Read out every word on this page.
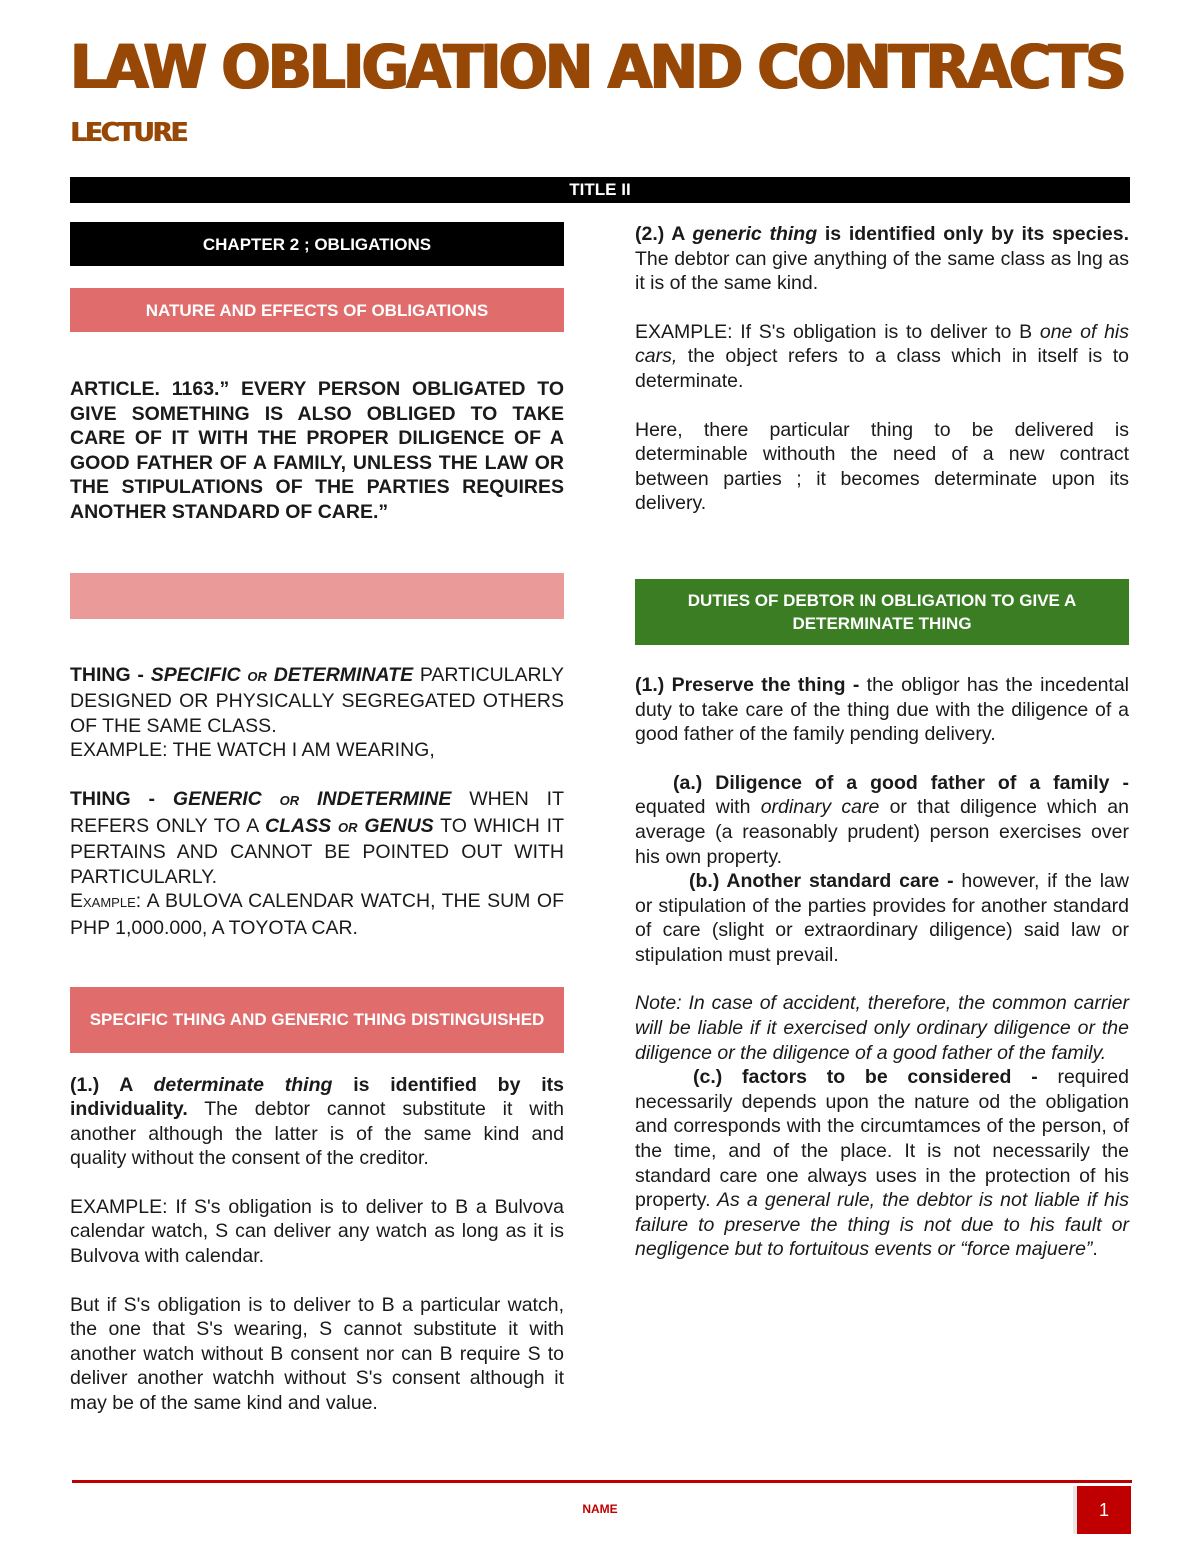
LAW OBLIGATION AND CONTRACTS
LECTURE
TITLE II
CHAPTER 2 ; OBLIGATIONS
NATURE AND EFFECTS OF OBLIGATIONS

ARTICLE. 1163.” EVERY PERSON OBLIGATED TO GIVE SOMETHING IS ALSO OBLIGED TO TAKE CARE OF IT WITH THE PROPER DILIGENCE OF A GOOD FATHER OF A FAMILY, UNLESS THE LAW OR THE STIPULATIONS OF THE PARTIES REQUIRES ANOTHER STANDARD OF CARE.”

THING - SPECIFIC OR DETERMINATE PARTICULARLY DESIGNED OR PHYSICALLY SEGREGATED OTHERS OF THE SAME CLASS.
EXAMPLE: THE WATCH I AM WEARING,

THING - GENERIC OR INDETERMINE WHEN IT REFERS ONLY TO A CLASS OR GENUS TO WHICH IT PERTAINS AND CANNOT BE POINTED OUT WITH PARTICULARLY.
EXAMPLE: A BULOVA CALENDAR WATCH, THE SUM OF PHP 1,000.000, A TOYOTA CAR.

SPECIFIC THING AND GENERIC THING DISTINGUISHED

(1.) A determinate thing is identified by its individuality. The debtor cannot substitute it with another although the latter is of the same kind and quality without the consent of the creditor.

EXAMPLE: If S's obligation is to deliver to B a Bulvova calendar watch, S can deliver any watch as long as it is Bulvova with calendar.

But if S's obligation is to deliver to B a particular watch, the one that S's wearing, S cannot substitute it with another watch without B consent nor can B require S to deliver another watchh without S's consent although it may be of the same kind and value.

(2.) A generic thing is identified only by its species. The debtor can give anything of the same class as lng as it is of the same kind.

EXAMPLE: If S's obligation is to deliver to B one of his cars, the object refers to a class which in itself is to determinate.

Here, there particular thing to be delivered is determinable withouth the need of a new contract between parties ; it becomes determinate upon its delivery.

DUTIES OF DEBTOR IN OBLIGATION TO GIVE A DETERMINATE THING

(1.) Preserve the thing - the obligor has the incedental duty to take care of the thing due with the diligence of a good father of the family pending delivery.

(a.) Diligence of a good father of a family - equated with ordinary care or that diligence which an average (a reasonably prudent) person exercises over his own property.

(b.) Another standard care - however, if the law or stipulation of the parties provides for another standard of care (slight or extraordinary diligence) said law or stipulation must prevail.

Note: In case of accident, therefore, the common carrier will be liable if it exercised only ordinary diligence or the diligence or the diligence of a good father of the family.

(c.) factors to be considered - required necessarily depends upon the nature od the obligation and corresponds with the circumtamces of the person, of the time, and of the place. It is not necessarily the standard care one always uses in the protection of his property. As a general rule, the debtor is not liable if his failure to preserve the thing is not due to his fault or negligence but to fortuitous events or “force majuere”.

NAME	1
